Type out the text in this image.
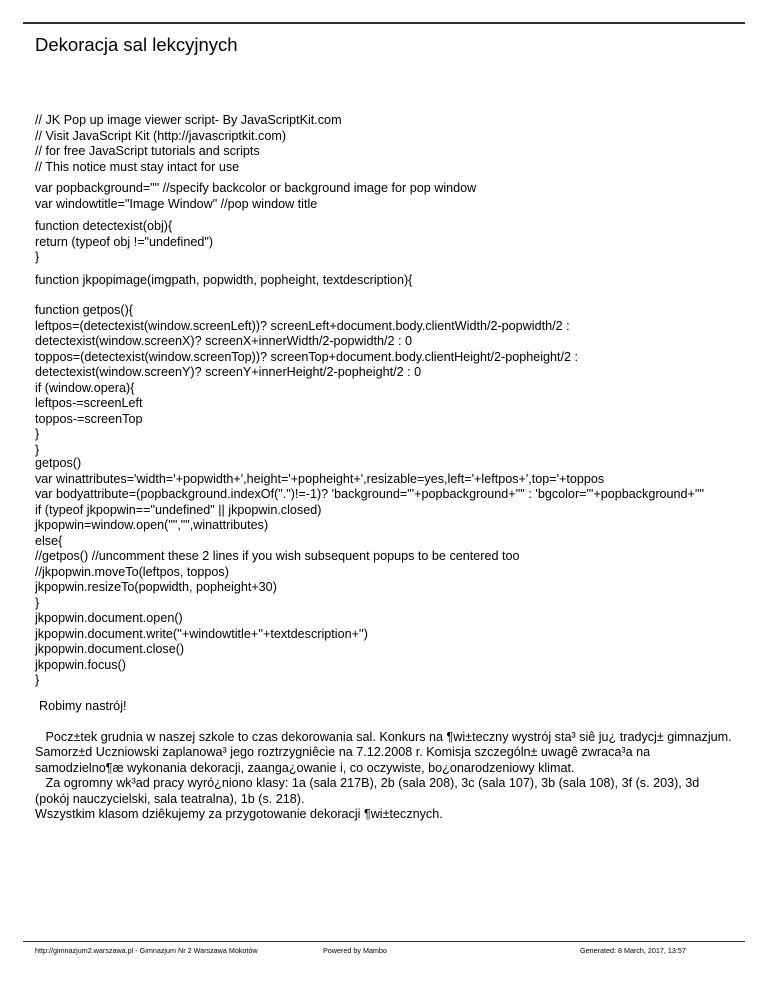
Dekoracja sal lekcyjnych
// JK Pop up image viewer script- By JavaScriptKit.com
// Visit JavaScript Kit (http://javascriptkit.com)
// for free JavaScript tutorials and scripts
// This notice must stay intact for use
var popbackground="" //specify backcolor or background image for pop window
var windowtitle="Image Window" //pop window title
function detectexist(obj){
return (typeof obj !="undefined")
}
function jkpopimage(imgpath, popwidth, popheight, textdescription){
function getpos(){
leftpos=(detectexist(window.screenLeft))? screenLeft+document.body.clientWidth/2-popwidth/2 :
detectexist(window.screenX)? screenX+innerWidth/2-popwidth/2 : 0
toppos=(detectexist(window.screenTop))? screenTop+document.body.clientHeight/2-popheight/2 :
detectexist(window.screenY)? screenY+innerHeight/2-popheight/2 : 0
if (window.opera){
leftpos-=screenLeft
toppos-=screenTop
}
}
getpos()
var winattributes='width='+popwidth+',height='+popheight+',resizable=yes,left='+leftpos+',top='+toppos
var bodyattribute=(popbackground.indexOf(".")!=-1)? 'background="'+popbackground+'"' : 'bgcolor="'+popbackground+'"'
if (typeof jkpopwin=="undefined" || jkpopwin.closed)
jkpopwin=window.open("","",winattributes)
else{
//getpos() //uncomment these 2 lines if you wish subsequent popups to be centered too
//jkpopwin.moveTo(leftpos, toppos)
jkpopwin.resizeTo(popwidth, popheight+30)
}
jkpopwin.document.open()
jkpopwin.document.write(''+windowtitle+''+textdescription+'')
jkpopwin.document.close()
jkpopwin.focus()
}
Robimy nastrój!

Pocz±tek grudnia w naszej szkole to czas dekorowania sal. Konkurs na ¶wi±teczny wystrój sta³ siê ju¿ tradycj± gimnazjum.

Samorz±d Uczniowski zaplanowa³ jego roztrzygniêcie na 7.12.2008 r. Komisja szczególn± uwagê zwraca³a na samodzielno¶æ wykonania dekoracji, zaanga¿owanie i, co oczywiste, bo¿onarodzeniowy klimat.

Za ogromny wk³ad pracy wyró¿niono klasy: 1a (sala 217B), 2b (sala 208), 3c (sala 107), 3b (sala 108), 3f (s. 203), 3d (pokój nauczycielski, sala teatralna), 1b (s. 218).

Wszystkim klasom dziêkujemy za przygotowanie dekoracji ¶wi±tecznych.

http://gimnazjum2.warszawa.pl - Gimnazjum Nr 2 Warszawa Mokotów	Powered by Mambo	Generated: 8 March, 2017, 13:57
